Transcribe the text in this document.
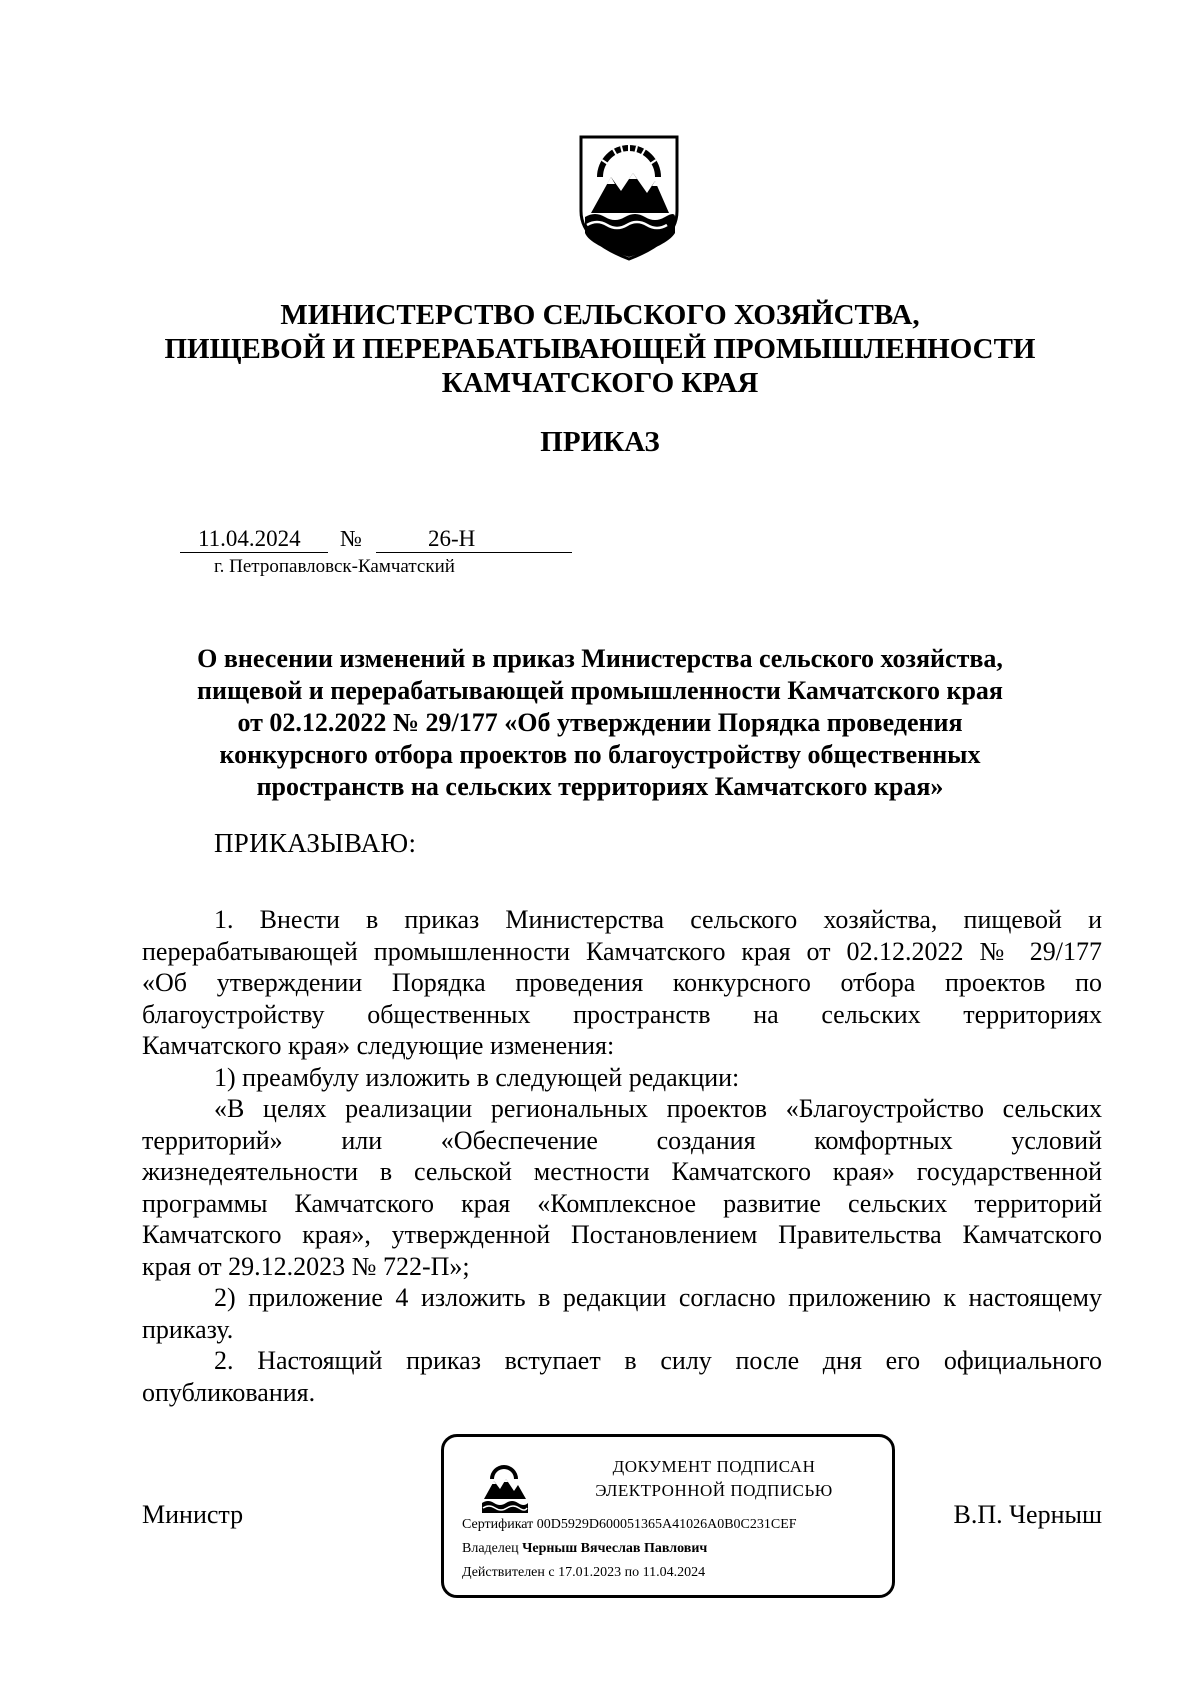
МИНИСТЕРСТВО СЕЛЬСКОГО ХОЗЯЙСТВА,
ПИЩЕВОЙ И ПЕРЕРАБАТЫВАЮЩЕЙ ПРОМЫШЛЕННОСТИ
КАМЧАТСКОГО КРАЯ
ПРИКАЗ
11.04.2024 №	26-Н
г. Петропавловск-Камчатский
О внесении изменений в приказ Министерства сельского хозяйства,
пищевой и перерабатывающей промышленности Камчатского края
от 02.12.2022 № 29/177 «Об утверждении Порядка проведения
конкурсного отбора проектов по благоустройству общественных
пространств на сельских территориях Камчатского края»
ПРИКАЗЫВАЮ:
1. Внести в приказ Министерства сельского хозяйства, пищевой и
перерабатывающей промышленности Камчатского края от 02.12.2022 № 29/177
«Об утверждении Порядка проведения конкурсного отбора проектов по
благоустройству общественных пространств на сельских территориях
Камчатского края» следующие изменения:
1) преамбулу изложить в следующей редакции:
«В целях реализации региональных проектов «Благоустройство сельских
территорий» или «Обеспечение создания комфортных условий
жизнедеятельности в сельской местности Камчатского края» государственной
программы Камчатского края «Комплексное развитие сельских территорий
Камчатского края», утвержденной Постановлением Правительства Камчатского
края от 29.12.2023 № 722-П»;
2) приложение 4 изложить в редакции согласно приложению к настоящему
приказу.
2. Настоящий приказ вступает в силу после дня его официального
опубликования.
Министр	В.П. Черныш
ДОКУМЕНТ ПОДПИСАН
ЭЛЕКТРОННОЙ ПОДПИСЬЮ
Сертификат 00D5929D600051365A41026A0B0C231CEF
Владелец Черныш Вячеслав Павлович
Действителен с 17.01.2023 по 11.04.2024
